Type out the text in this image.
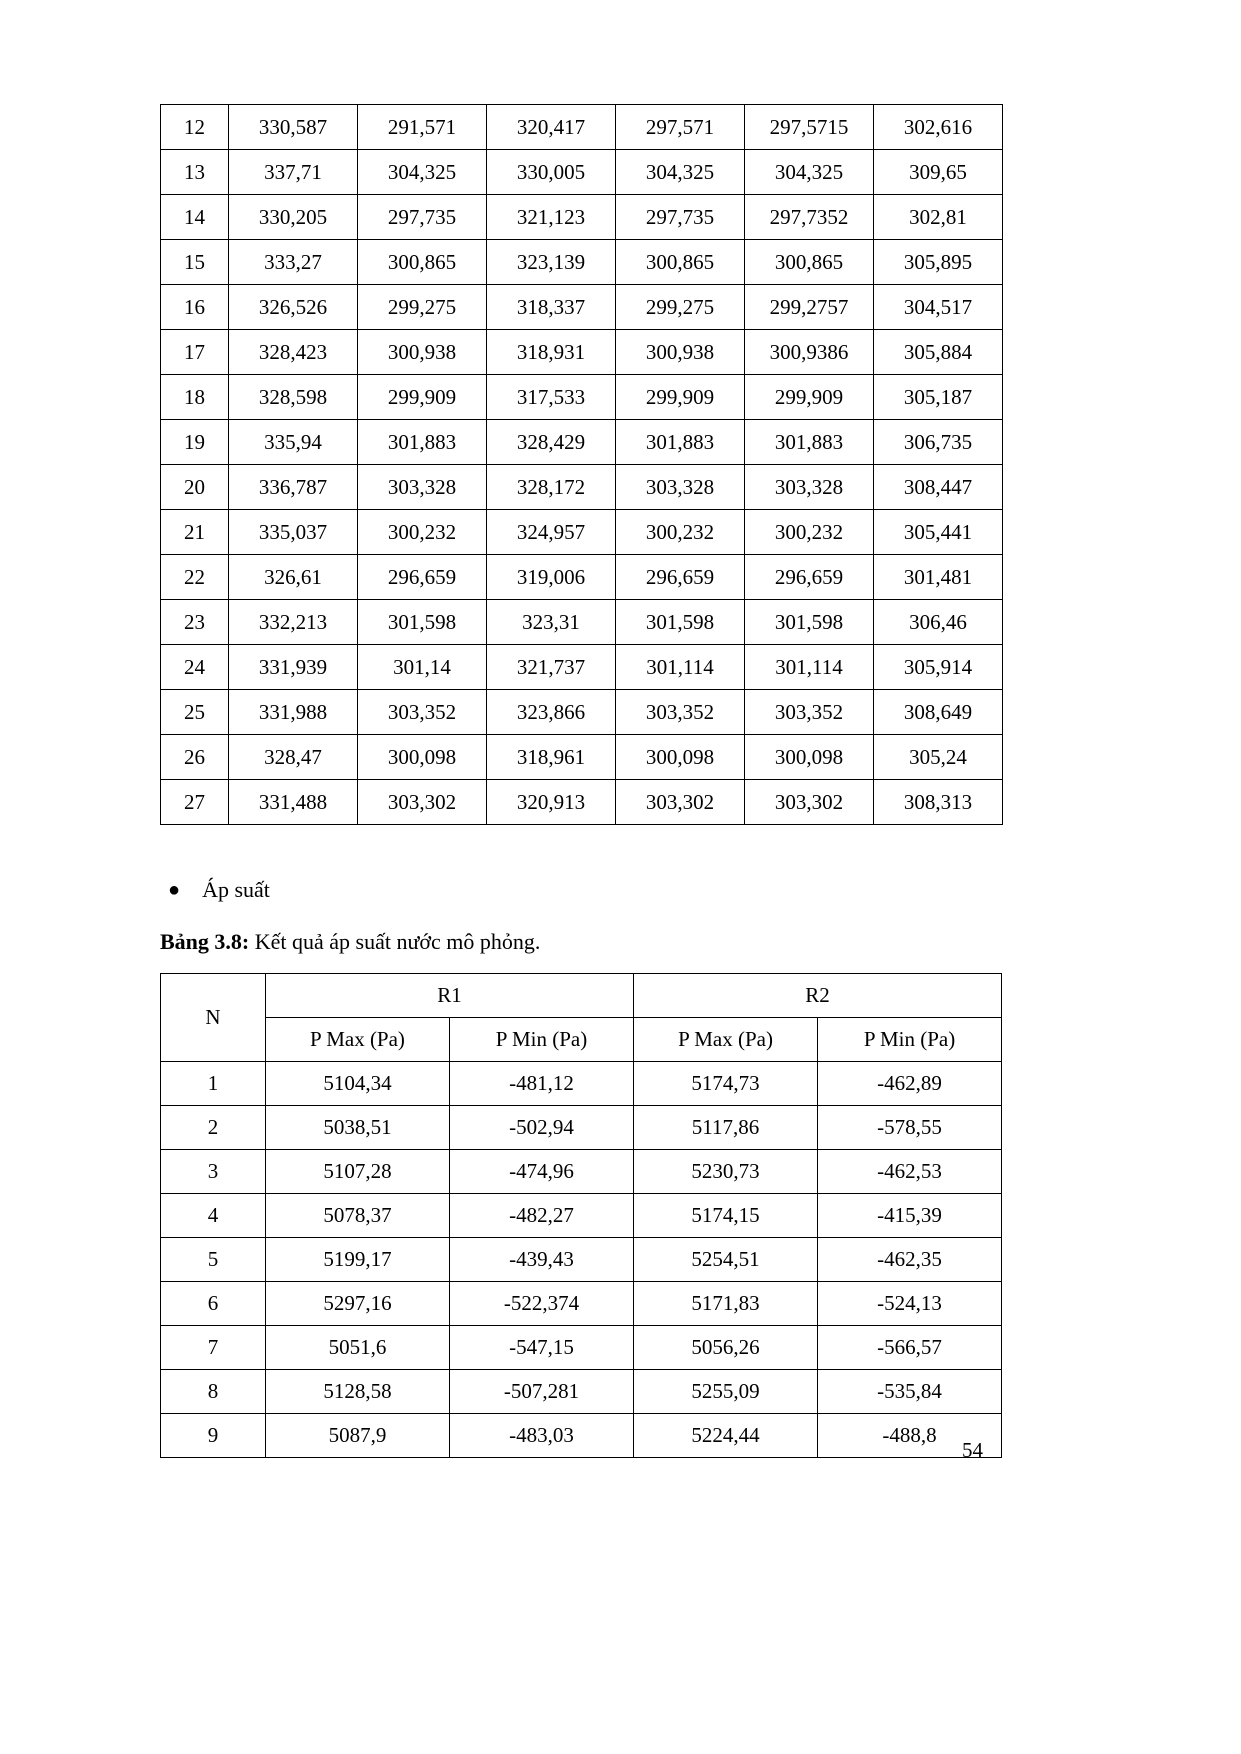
12	330,587	291,571	320,417	297,571	297,5715	302,616
13	337,71	304,325	330,005	304,325	304,325	309,65
14	330,205	297,735	321,123	297,735	297,7352	302,81
15	333,27	300,865	323,139	300,865	300,865	305,895
16	326,526	299,275	318,337	299,275	299,2757	304,517
17	328,423	300,938	318,931	300,938	300,9386	305,884
18	328,598	299,909	317,533	299,909	299,909	305,187
19	335,94	301,883	328,429	301,883	301,883	306,735
20	336,787	303,328	328,172	303,328	303,328	308,447
21	335,037	300,232	324,957	300,232	300,232	305,441
22	326,61	296,659	319,006	296,659	296,659	301,481
23	332,213	301,598	323,31	301,598	301,598	306,46
24	331,939	301,14	321,737	301,114	301,114	305,914
25	331,988	303,352	323,866	303,352	303,352	308,649
26	328,47	300,098	318,961	300,098	300,098	305,24
27	331,488	303,302	320,913	303,302	303,302	308,313
● Áp suất

Bảng 3.8: Kết quả áp suất nước mô phỏng.

N	R1		R2	
	P Max (Pa)	P Min (Pa)	P Max (Pa)	P Min (Pa)
1	5104,34	-481,12	5174,73	-462,89
2	5038,51	-502,94	5117,86	-578,55
3	5107,28	-474,96	5230,73	-462,53
4	5078,37	-482,27	5174,15	-415,39
5	5199,17	-439,43	5254,51	-462,35
6	5297,16	-522,374	5171,83	-524,13
7	5051,6	-547,15	5056,26	-566,57
8	5128,58	-507,281	5255,09	-535,84
9	5087,9	-483,03	5224,44	-488,8
54
